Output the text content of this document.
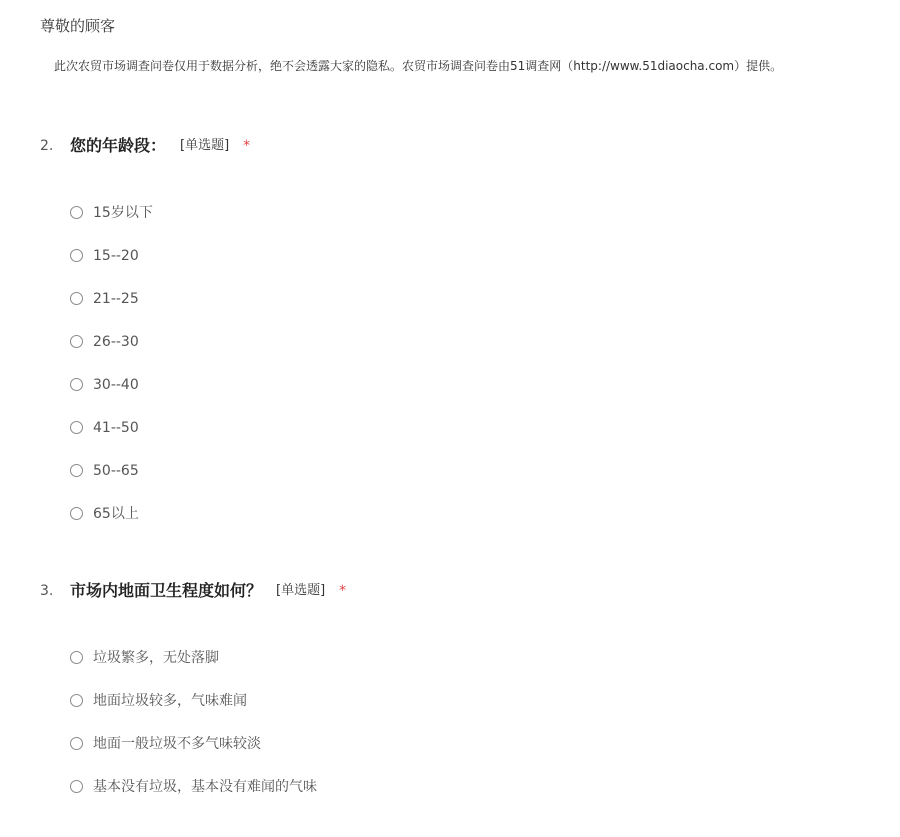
尊敬的顾客
此次农贸市场调查问卷仅用于数据分析，绝不会透露大家的隐私。农贸市场调查问卷由51调查网（http://www.51diaocha.com）提供。
2.	您的年龄段： [单选题] *
15岁以下
15--20
21--25
26--30
30--40
41--50
50--65
65以上
3.	市场内地面卫生程度如何？ [单选题] *
垃圾繁多，无处落脚
地面垃圾较多，气味难闻
地面一般垃圾不多气味较淡
基本没有垃圾，基本没有难闻的气味
